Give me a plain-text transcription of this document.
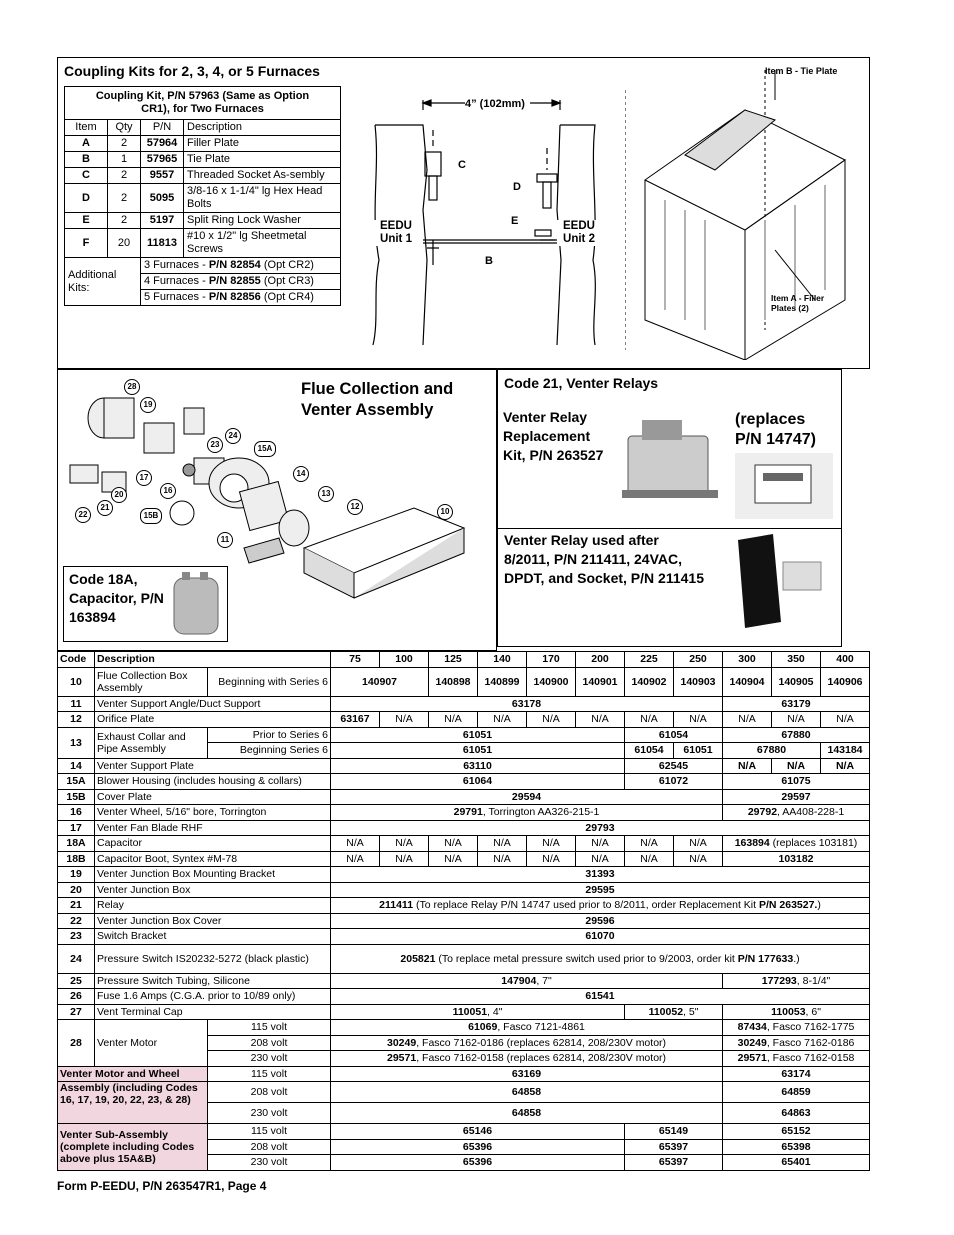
Coupling Kits for 2, 3, 4, or 5 Furnaces
Coupling Kit, P/N 57963 (Same as Option CR1), for Two Furnaces			
Item	Qty	P/N	Description
A	2	57964	Filler Plate
B	1	57965	Tie Plate
C	2	9557	Threaded Socket As-sembly
D	2	5095	3/8-16 x 1-1/4" lg Hex Head Bolts
E	2	5197	Split Ring Lock Washer
F	20	11813	#10 x 1/2" lg Sheetmetal Screws
Additional Kits:		3 Furnaces - P/N 82854 (Opt CR2)	
		4 Furnaces - P/N 82855 (Opt CR3)	
		5 Furnaces - P/N 82856 (Opt CR4)	
4” (102mm)
C
D
E
B
EEDU Unit 1
EEDU Unit 2
Item B - Tie Plate
Item A - Filler Plates (2)
Flue Collection and Venter Assembly
28
19
24
23	15A
17
16
14
13
12
10
20
21
22	15B
11
Code 18A, Capacitor, P/N 163894
Code 21, Venter Relays
Venter Relay Replacement Kit, P/N 263527
(replaces P/N 14747)
Venter Relay used after 8/2011, P/N 211411, 24VAC, DPDT, and Socket, P/N 211415
Code	Description		75	100	125	140	170	200	225	250	300	350	400
10	Fluе Collection Box Assembly	Beginning with Series 6	140907		140898	140899	140900	140901	140902	140903	140904	140905	140906
11	Venter Support Angle/Duct Support		63178								63179		
12	Orifice Plate		63167	N/A	N/A	N/A	N/A	N/A	N/A	N/A	N/A	N/A	N/A
13	Exhaust Collar and Pipe Assembly	Prior to Series 6	61051						61054		67880		
		Beginning Series 6	61051						61054	61051	67880		143184
14	Venter Support Plate		63110						62545		N/A	N/A	N/A
15A	Blower Housing (includes housing & collars)		61064						61072		61075		
15B	Cover Plate		29594								29597		
16	Venter Wheel, 5/16" bore, Torrington		29791, Torrington AA326-215-1								29792, AA408-228-1		
17	Venter Fan Blade RHF		29793										
18A	Capacitor		N/A	N/A	N/A	N/A	N/A	N/A	N/A	N/A	163894 (replaces 103181)		
18B	Capacitor Boot, Syntex #M-78		N/A	N/A	N/A	N/A	N/A	N/A	N/A	N/A	103182		
19	Venter Junction Box Mounting Bracket		31393										
20	Venter Junction Box		29595										
21	Relay		211411 (To replace Relay P/N 14747 used prior to 8/2011, order Replacement Kit P/N 263527.)										
22	Venter Junction Box Cover		29596										
23	Switch Bracket		61070										
24	Pressure Switch IS20232-5272 (black plastic)		205821 (To replace metal pressure switch used prior to 9/2003, order kit P/N 177633.)										
25	Pressure Switch Tubing, Silicone		147904, 7"								177293, 8-1/4"		
26	Fuse 1.6 Amps (C.G.A. prior to 10/89 only)		61541										
27	Vent Terminal Cap		110051, 4"						110052, 5"		110053, 6"		
28	Venter Motor	115 volt	61069, Fasco 7121-4861								87434, Fasco 7162-1775		
		208 volt	30249, Fasco 7162-0186 (replaces 62814, 208/230V motor)								30249, Fasco 7162-0186		
		230 volt	29571, Fasco 7162-0158 (replaces 62814, 208/230V motor)								29571, Fasco 7162-0158		
Venter Motor and Wheel		115 volt	63169								63174		
Assembly (including Codes 16, 17, 19, 20, 22, 23, & 28)		208 volt	64858								64859		
		230 volt	64858								64863		
Venter Sub-Assembly (complete including Codes above plus 15A&B)		115 volt	65146						65149		65152		
		208 volt	65396						65397		65398		
		230 volt	65396						65397		65401		
Form P-EEDU, P/N 263547R1, Page 4
